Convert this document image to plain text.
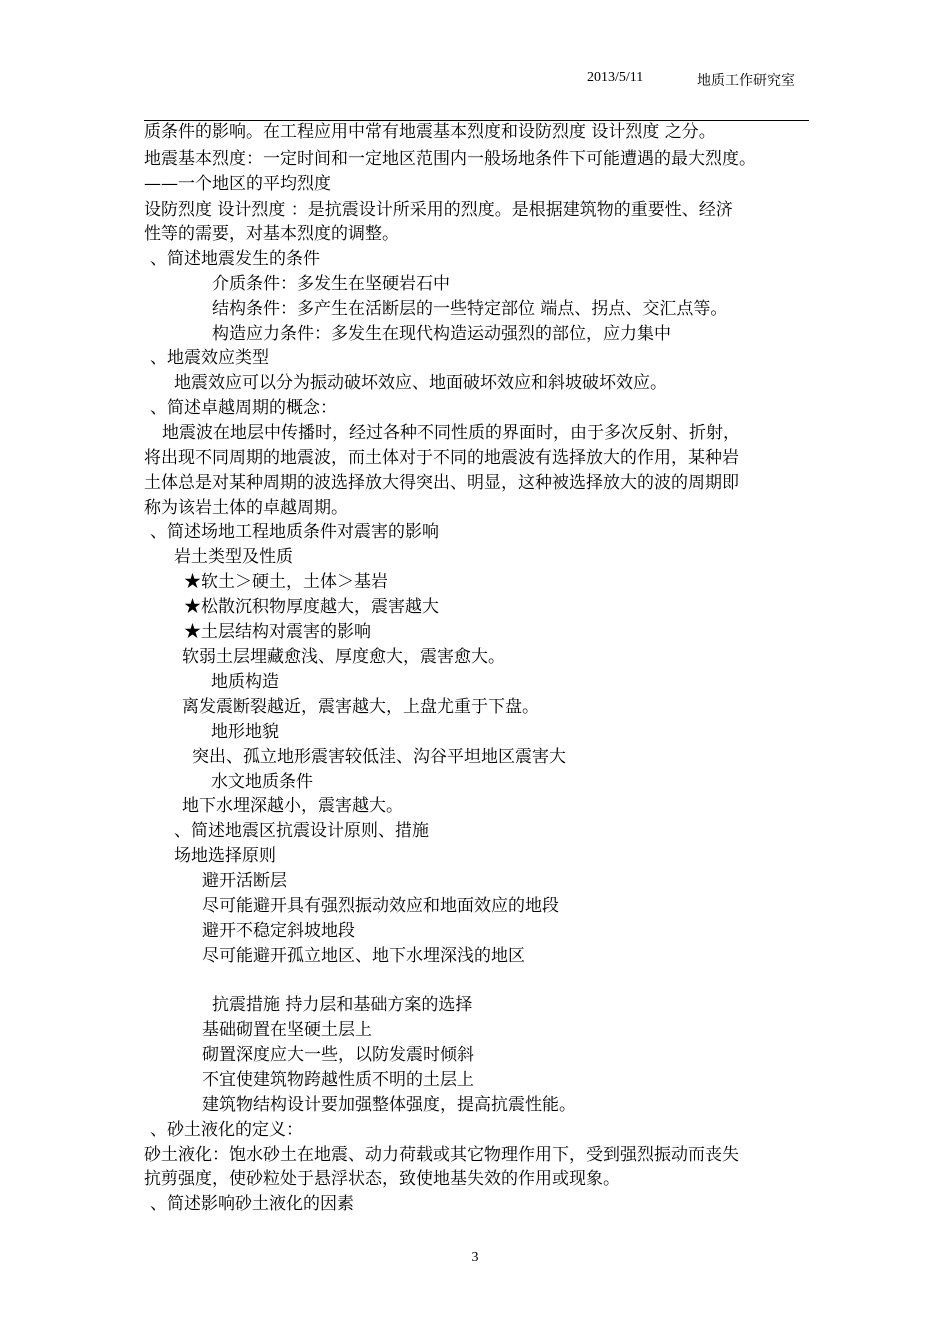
2013/5/11	地质工作研究室
质条件的影响。在工程应用中常有地震基本烈度和设防烈度 设计烈度 之分。
地震基本烈度：一定时间和一定地区范围内一般场地条件下可能遭遇的最大烈度。
——一个地区的平均烈度
设防烈度 设计烈度 ：是抗震设计所采用的烈度。是根据建筑物的重要性、经济
性等的需要，对基本烈度的调整。
、简述地震发生的条件
介质条件：多发生在坚硬岩石中
结构条件：多产生在活断层的一些特定部位 端点、拐点、交汇点等。
构造应力条件：多发生在现代构造运动强烈的部位，应力集中
、地震效应类型
地震效应可以分为振动破坏效应、地面破坏效应和斜坡破坏效应。
、简述卓越周期的概念：
地震波在地层中传播时，经过各种不同性质的界面时，由于多次反射、折射，
将出现不同周期的地震波，而土体对于不同的地震波有选择放大的作用，某种岩
土体总是对某种周期的波选择放大得突出、明显，这种被选择放大的波的周期即
称为该岩土体的卓越周期。
、简述场地工程地质条件对震害的影响
岩土类型及性质
★软土＞硬土，土体＞基岩
★松散沉积物厚度越大，震害越大
★土层结构对震害的影响
软弱土层埋藏愈浅、厚度愈大，震害愈大。
地质构造
离发震断裂越近，震害越大，上盘尤重于下盘。
地形地貌
突出、孤立地形震害较低洼、沟谷平坦地区震害大
水文地质条件
地下水埋深越小，震害越大。
、简述地震区抗震设计原则、措施
场地选择原则
避开活断层
尽可能避开具有强烈振动效应和地面效应的地段
避开不稳定斜坡地段
尽可能避开孤立地区、地下水埋深浅的地区
抗震措施 持力层和基础方案的选择
基础砌置在坚硬土层上
砌置深度应大一些，以防发震时倾斜
不宜使建筑物跨越性质不明的土层上
建筑物结构设计要加强整体强度，提高抗震性能。
、砂土液化的定义：
砂土液化：饱水砂土在地震、动力荷载或其它物理作用下，受到强烈振动而丧失
抗剪强度，使砂粒处于悬浮状态，致使地基失效的作用或现象。
、简述影响砂土液化的因素
3
